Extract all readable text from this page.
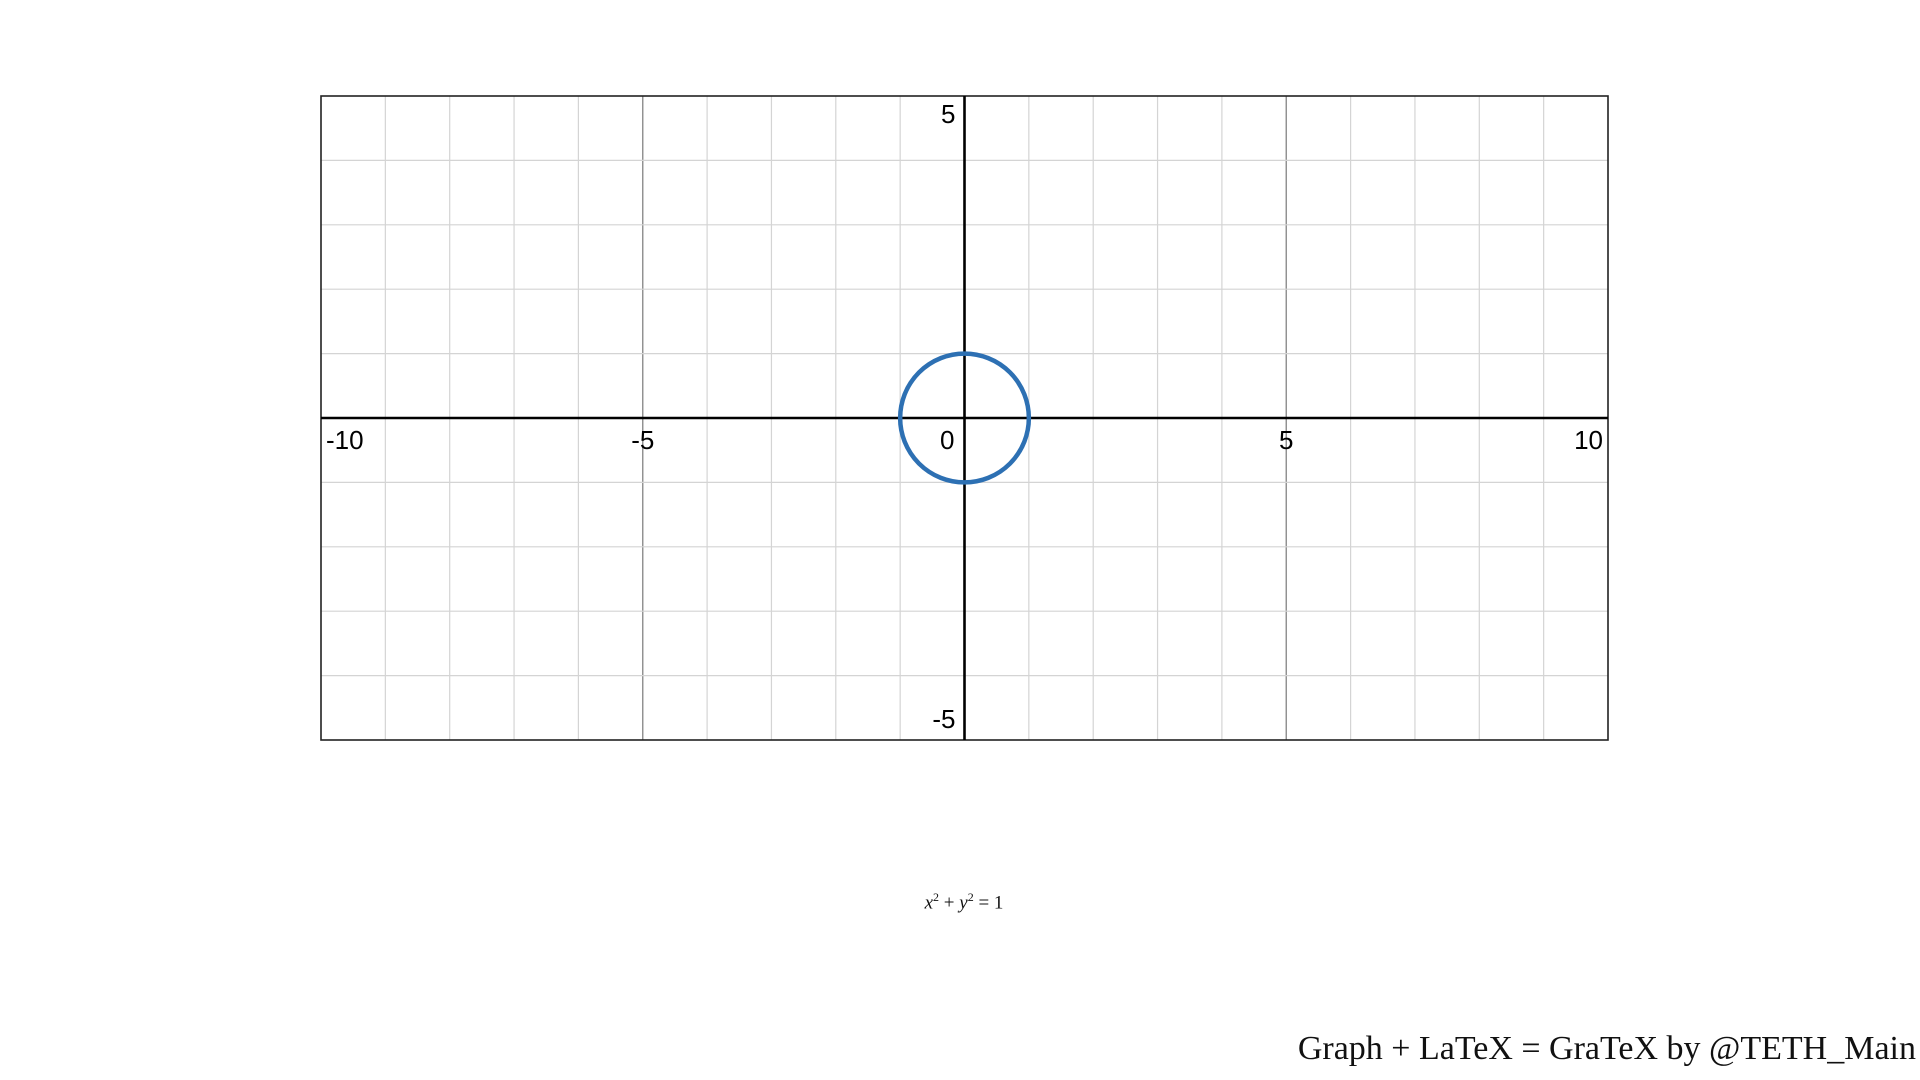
-10	-5	0	5	10
5
-5
$x^2 + y^2 = 1$
Graph + LaTeX = GraTeX by @TETH_Main
